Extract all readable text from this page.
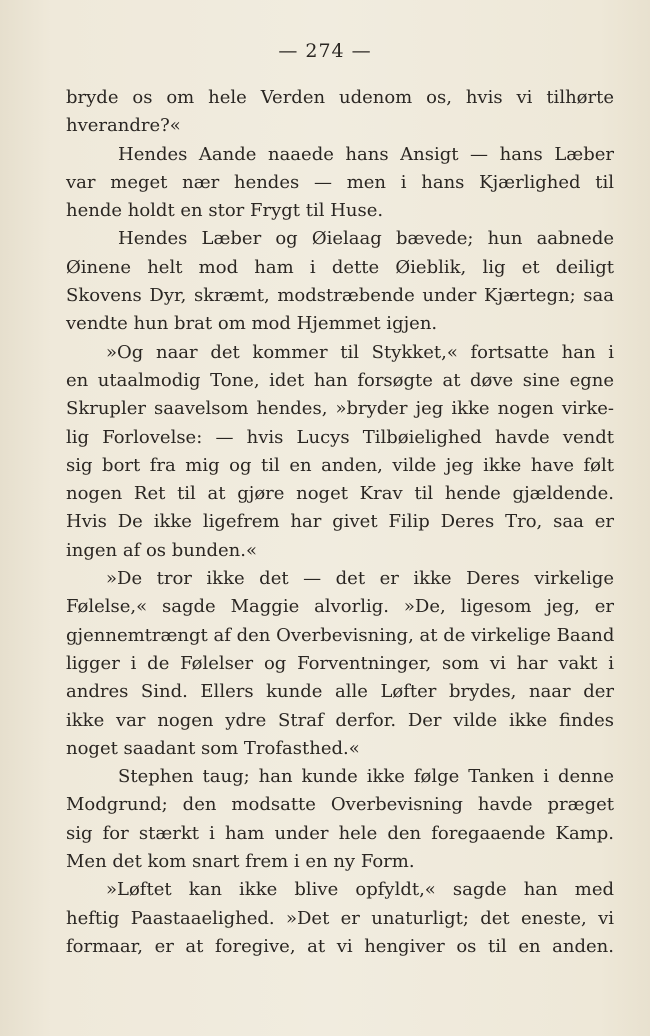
— 274 —
bryde os om hele Verden udenom os, hvis vi tilhørte
hverandre?«
Hendes Aande naaede hans Ansigt — hans Læber
var meget nær hendes — men i hans Kjærlighed til
hende holdt en stor Frygt til Huse.
Hendes Læber og Øielaag bævede; hun aabnede
Øinene helt mod ham i dette Øieblik, lig et deiligt
Skovens Dyr, skræmt, modstræbende under Kjærtegn; saa
vendte hun brat om mod Hjemmet igjen.
»Og naar det kommer til Stykket,« fortsatte han i
en utaalmodig Tone, idet han forsøgte at døve sine egne
Skrupler saavelsom hendes, »bryder jeg ikke nogen virke-
lig Forlovelse: — hvis Lucys Tilbøielighed havde vendt
sig bort fra mig og til en anden, vilde jeg ikke have følt
nogen Ret til at gjøre noget Krav til hende gjældende.
Hvis De ikke ligefrem har givet Filip Deres Tro, saa er
ingen af os bunden.«
»De tror ikke det — det er ikke Deres virkelige
Følelse,« sagde Maggie alvorlig. »De, ligesom jeg, er
gjennemtrængt af den Overbevisning, at de virkelige Baand
ligger i de Følelser og Forventninger, som vi har vakt i
andres Sind. Ellers kunde alle Løfter brydes, naar der
ikke var nogen ydre Straf derfor. Der vilde ikke findes
noget saadant som Trofasthed.«
Stephen taug; han kunde ikke følge Tanken i denne
Modgrund; den modsatte Overbevisning havde præget
sig for stærkt i ham under hele den foregaaende Kamp.
Men det kom snart frem i en ny Form.
»Løftet kan ikke blive opfyldt,« sagde han med
heftig Paastaaelighed. »Det er unaturligt; det eneste, vi
formaar, er at foregive, at vi hengiver os til en anden.
